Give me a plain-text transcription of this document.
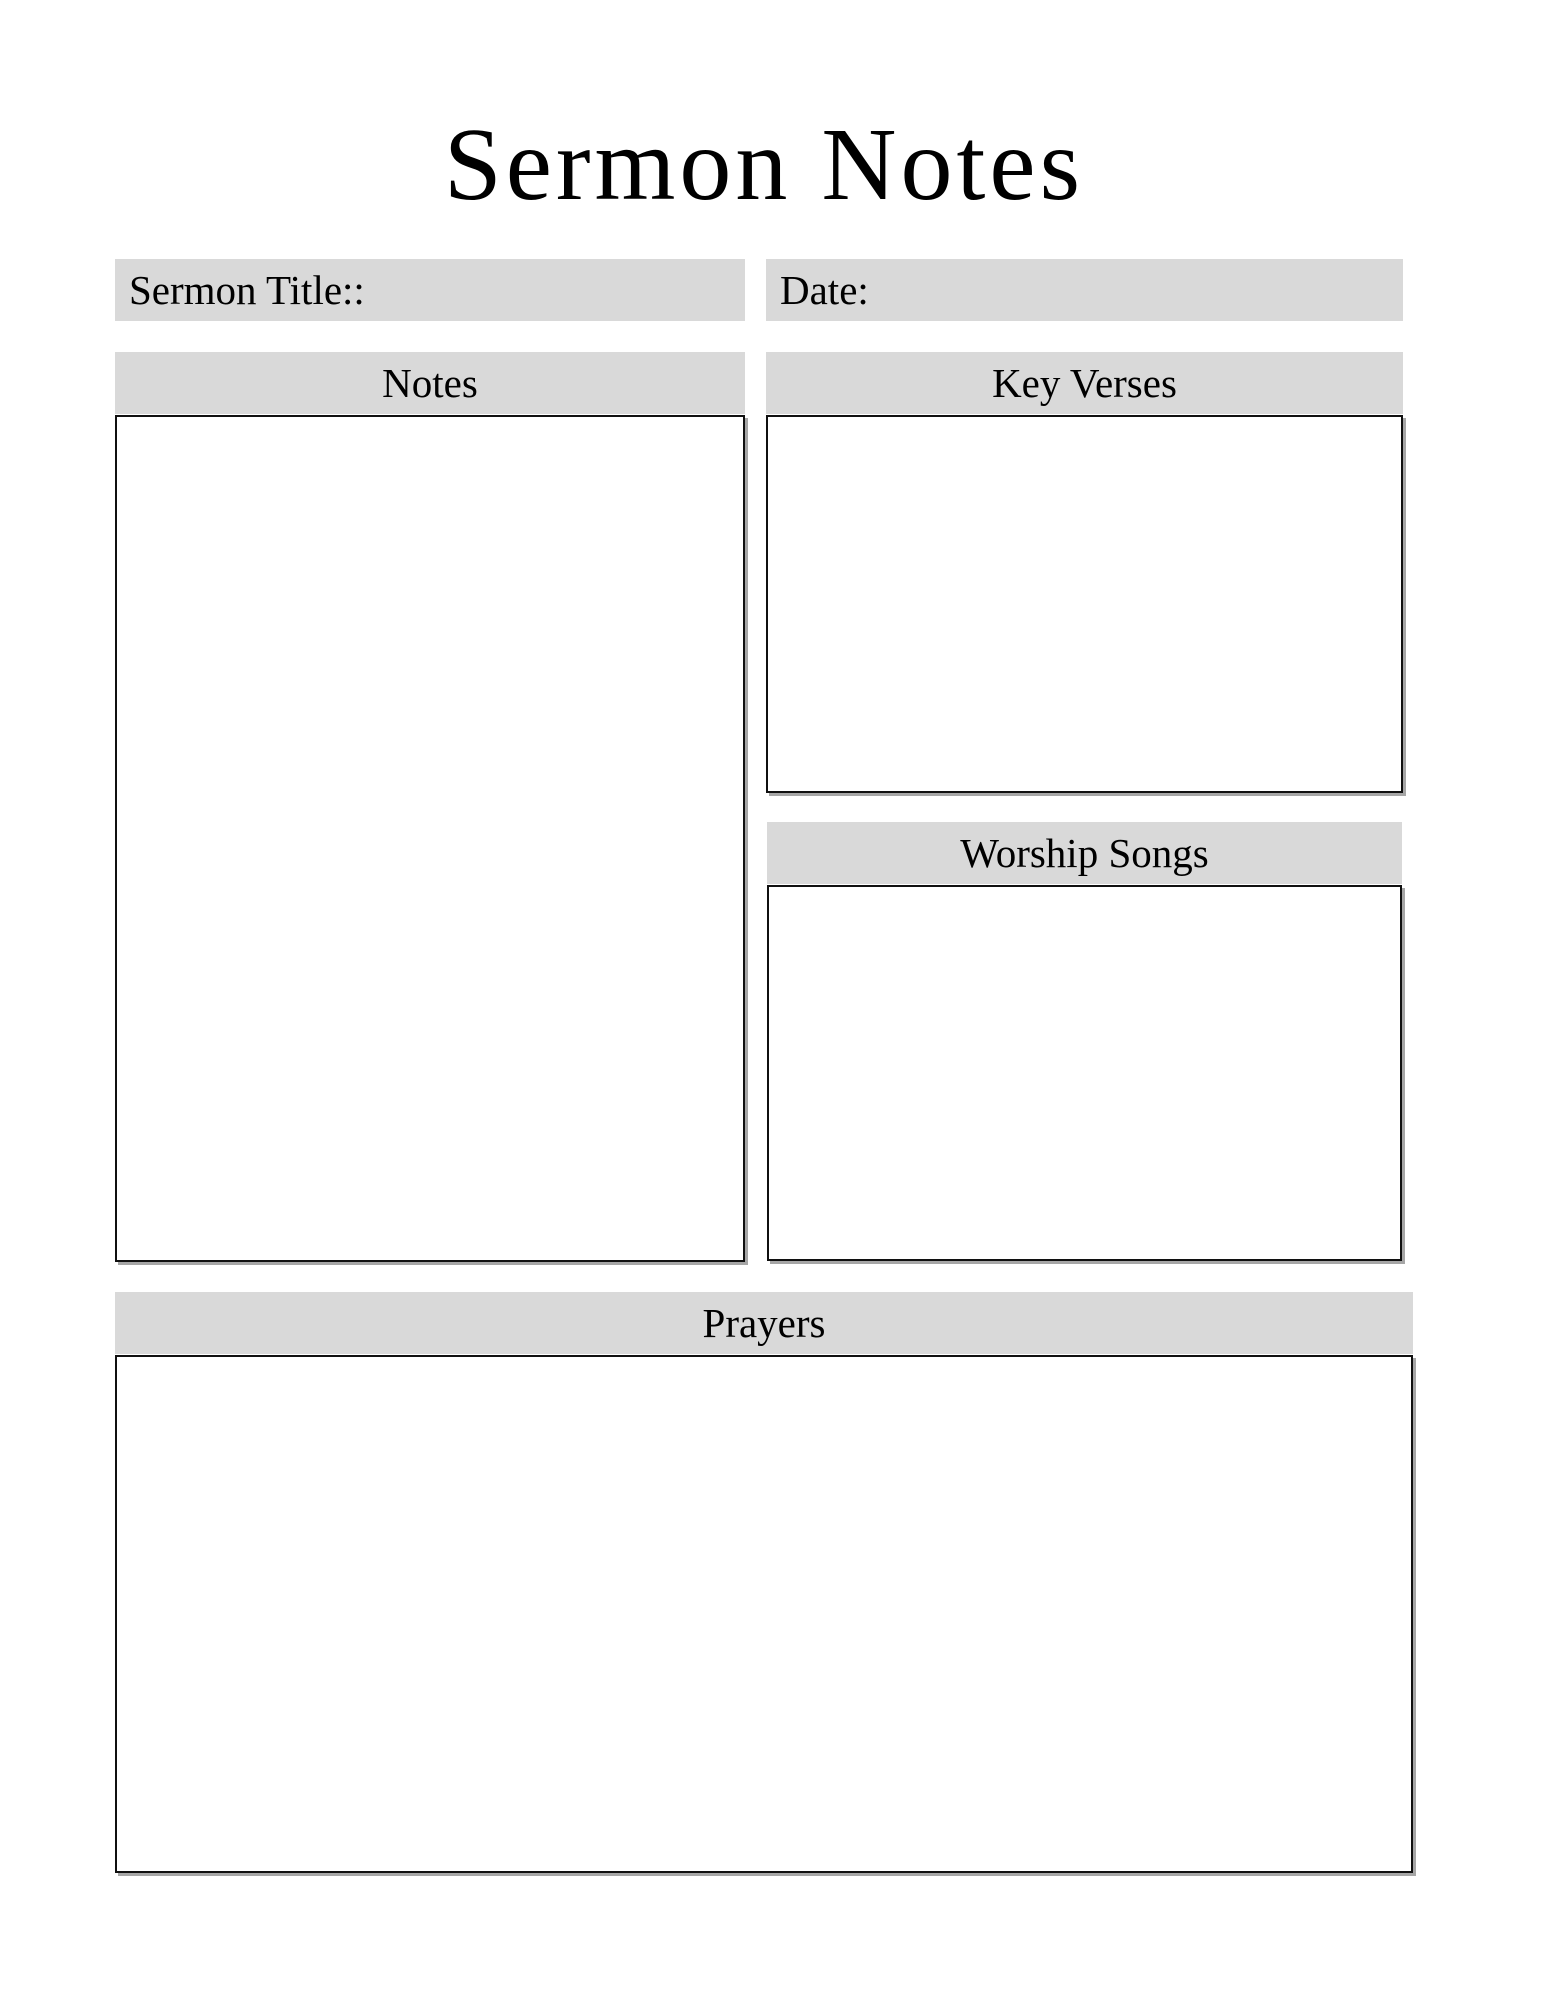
Sermon Notes
Sermon Title::	Date:
Notes	Key Verses
Worship Songs
Prayers
